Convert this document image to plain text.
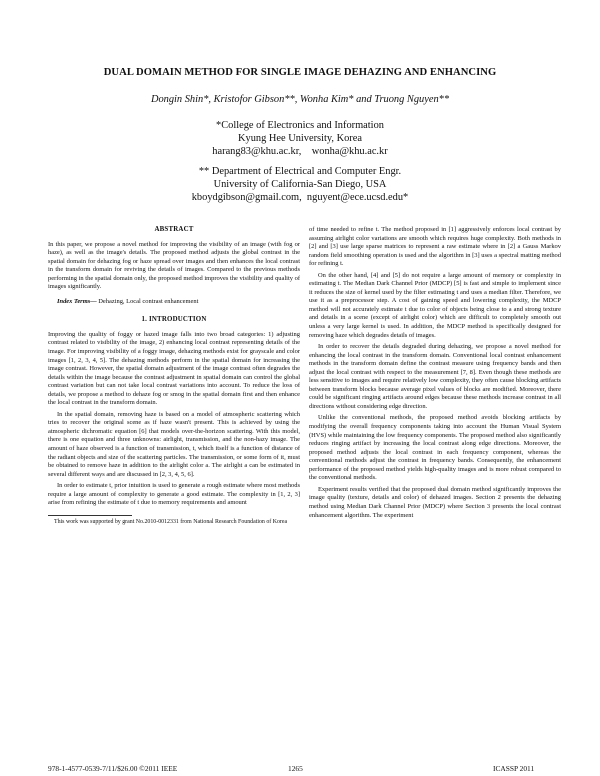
DUAL DOMAIN METHOD FOR SINGLE IMAGE DEHAZING AND ENHANCING
Dongin Shin*, Kristofor Gibson**, Wonha Kim* and Truong Nguyen**
*College of Electronics and Information
Kyung Hee University, Korea
harang83@khu.ac.kr,    wonha@khu.ac.kr
** Department of Electrical and Computer Engr.
University of California-San Diego, USA
kboydgibson@gmail.com,  nguyent@ece.ucsd.edu*
ABSTRACT

In this paper, we propose a novel method for improving the visibility of an image (with fog or haze), as well as the image's details. The proposed method adjusts the global contrast in the spatial domain for dehazing fog or haze spread over images and then enhances the local contrast in the transform domain for reviving the details of images. Compared to the previous methods performing in the spatial domain only, the proposed method improves the visibility and quality of images significantly.

Index Terms— Dehazing, Local contrast enhancement

1. INTRODUCTION

Improving the quality of foggy or hazed image falls into two broad categories: 1) adjusting contrast related to visibility of the image, 2) enhancing local contrast representing details of the image. For improving visibility of a foggy image, dehazing methods exist for grayscale and color images [1, 2, 3, 4, 5]. The dehazing methods perform in the spatial domain for increasing the image contrast. However, the spatial domain adjustment of the image contrast often degrades the details within the image because the contrast adjustment in spatial domain can control the global contrast variation but can not take local contrast variations into account. To reduce the loss of details, we propose a method to dehaze fog or smog in the spatial domain first and then enhance the local contrast in the transform domain.

In the spatial domain, removing haze is based on a model of atmospheric scattering which tries to recover the original scene as if haze wasn't present. This is achieved by using the atmospheric dichromatic equation [6] that models over-the-horizon scattering. With this model, there is one equation and three unknowns: airlight, transmission, and the non-hazy image. The amount of haze observed is a function of transmission, t, which itself is a function of distance of the radiant objects and size of the scattering particles. The transmission, or some form of it, must be obtained to remove haze in addition to the airlight color a. The airlight a can be estimated in several different ways and are discussed in [2, 3, 4, 5, 6].

In order to estimate t, prior intuition is used to generate a rough estimate where most methods require a large amount of complexity to generate a good estimate. The complexity in [1, 2, 3] arise from refining the estimate of t due to memory requirements and amount

This work was supported by grant No.2010-0012331 from National Research Foundation of Korea

of time needed to refine t. The method proposed in [1] aggressively enforces local contrast by assuming airlight color variations are smooth which requires huge complexity. Both methods in [2] and [3] use large sparse matrices to represent a raw estimate where in [2] a Gauss Markov random field smoothing operation is used and the algorithm in [3] uses a spectral matting method for refining t.

On the other hand, [4] and [5] do not require a large amount of memory or complexity in estimating t. The Median Dark Channel Prior (MDCP) [5] is fast and simple to implement since it reduces the size of kernel used by the filter estimating t and uses a median filter. Therefore, we use it as a preprocessor step. A cost of gaining speed and lowering complexity, the MDCP method will not accurately estimate t due to color of objects being close to a and strong texture and details in a scene (except of airlight color) which are difficult to completely smooth out unless a very large kernel is used. In addition, the MDCP method is specifically designed for removing haze which degrades details of images.

In order to recover the details degraded during dehazing, we propose a novel method for enhancing the local contrast in the transform domain. Conventional local contrast enhancement methods in the transform domain define the contrast measure using frequency bands and then adjust the local contrast with respect to the measurement [7, 8]. Even though these methods are less sensitive to images and require relatively low complexity, they often cause blocking artifacts between transform blocks because average pixel values of blocks are modified. Moreover, there could be significant ringing artifacts around edges because these methods increase contrast in all directions without considering edge direction.

Unlike the conventional methods, the proposed method avoids blocking artifacts by modifying the overall frequency components taking into account the Human Visual System (HVS) while maintaining the low frequency components. The proposed method also significantly reduces ringing artifact by increasing the local contrast along edge directions. Moreover, the proposed method adjusts the local contrast in each frequency component, whereas the conventional methods adjust the contrast in frequency bands. Consequently, the enhancement performance of the proposed method yields high-quality images and is more robust compared to the conventional methods.

Experiment results verified that the proposed dual domain method significantly improves the image quality (texture, details and color) of dehazed images. Section 2 presents the dehazing method using Median Dark Channel Prior (MDCP) where Section 3 presents the local contrast enhancement algorithm. The experiment

978-1-4577-0539-7/11/$26.00 ©2011 IEEE	1265	ICASSP 2011
